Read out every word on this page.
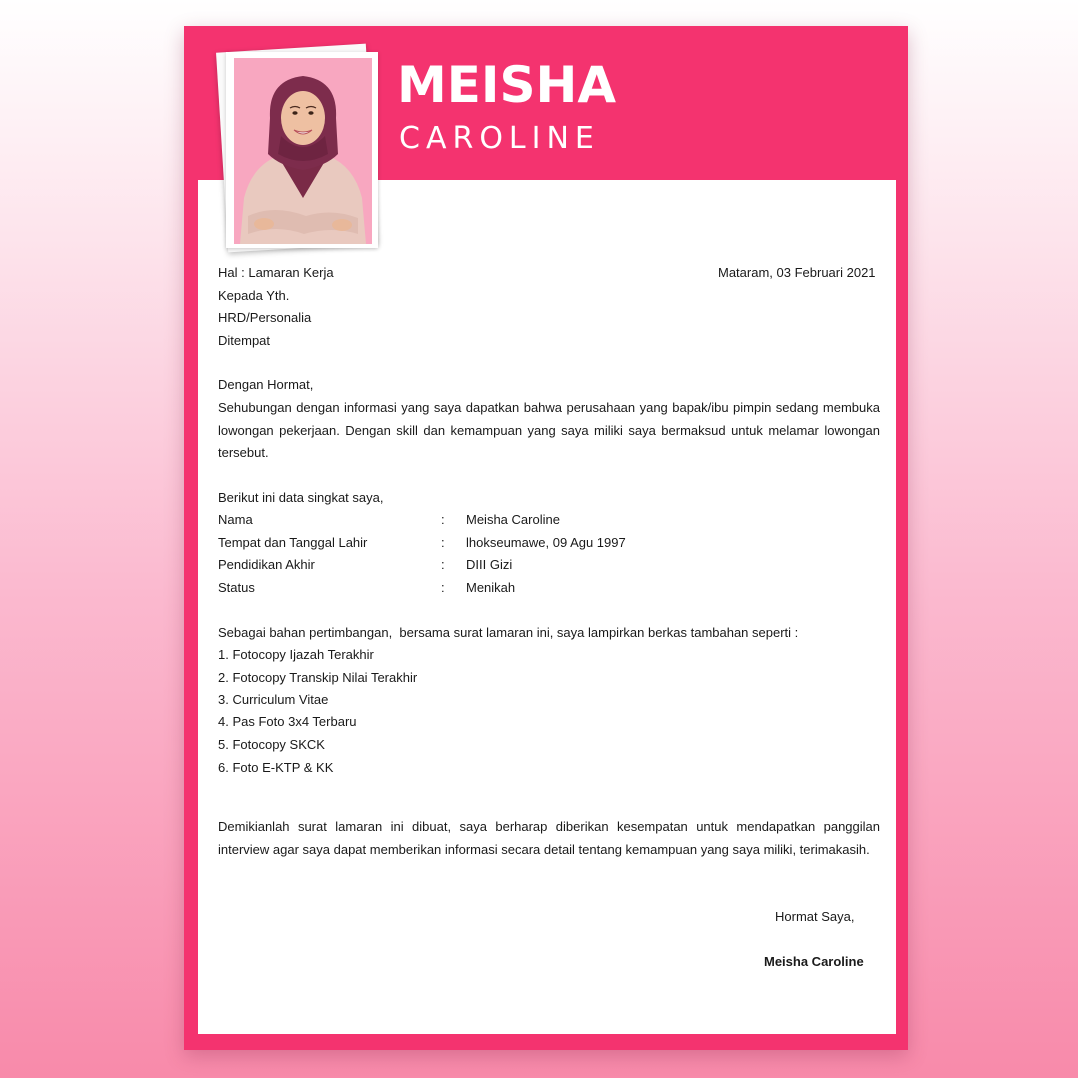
MEISHA
CAROLINE
Hal : Lamaran Kerja	Mataram, 03 Februari 2021
Kepada Yth.
HRD/Personalia
Ditempat
Dengan Hormat,
Sehubungan dengan informasi yang saya dapatkan bahwa perusahaan yang bapak/ibu pimpin sedang membuka lowongan pekerjaan. Dengan skill dan kemampuan yang saya miliki saya bermaksud untuk melamar lowongan tersebut.
Berikut ini data singkat saya,
Nama	: Meisha Caroline
Tempat dan Tanggal Lahir	: lhokseumawe, 09 Agu 1997
Pendidikan Akhir	: DIII Gizi
Status	: Menikah
Sebagai bahan pertimbangan,  bersama surat lamaran ini, saya lampirkan berkas tambahan seperti :
1. Fotocopy Ijazah Terakhir
2. Fotocopy Transkip Nilai Terakhir
3. Curriculum Vitae
4. Pas Foto 3x4 Terbaru
5. Fotocopy SKCK
6. Foto E-KTP & KK
Demikianlah surat lamaran ini dibuat, saya berharap diberikan kesempatan untuk mendapatkan panggilan interview agar saya dapat memberikan informasi secara detail tentang kemampuan yang saya miliki, terimakasih.
Hormat Saya,
Meisha Caroline
